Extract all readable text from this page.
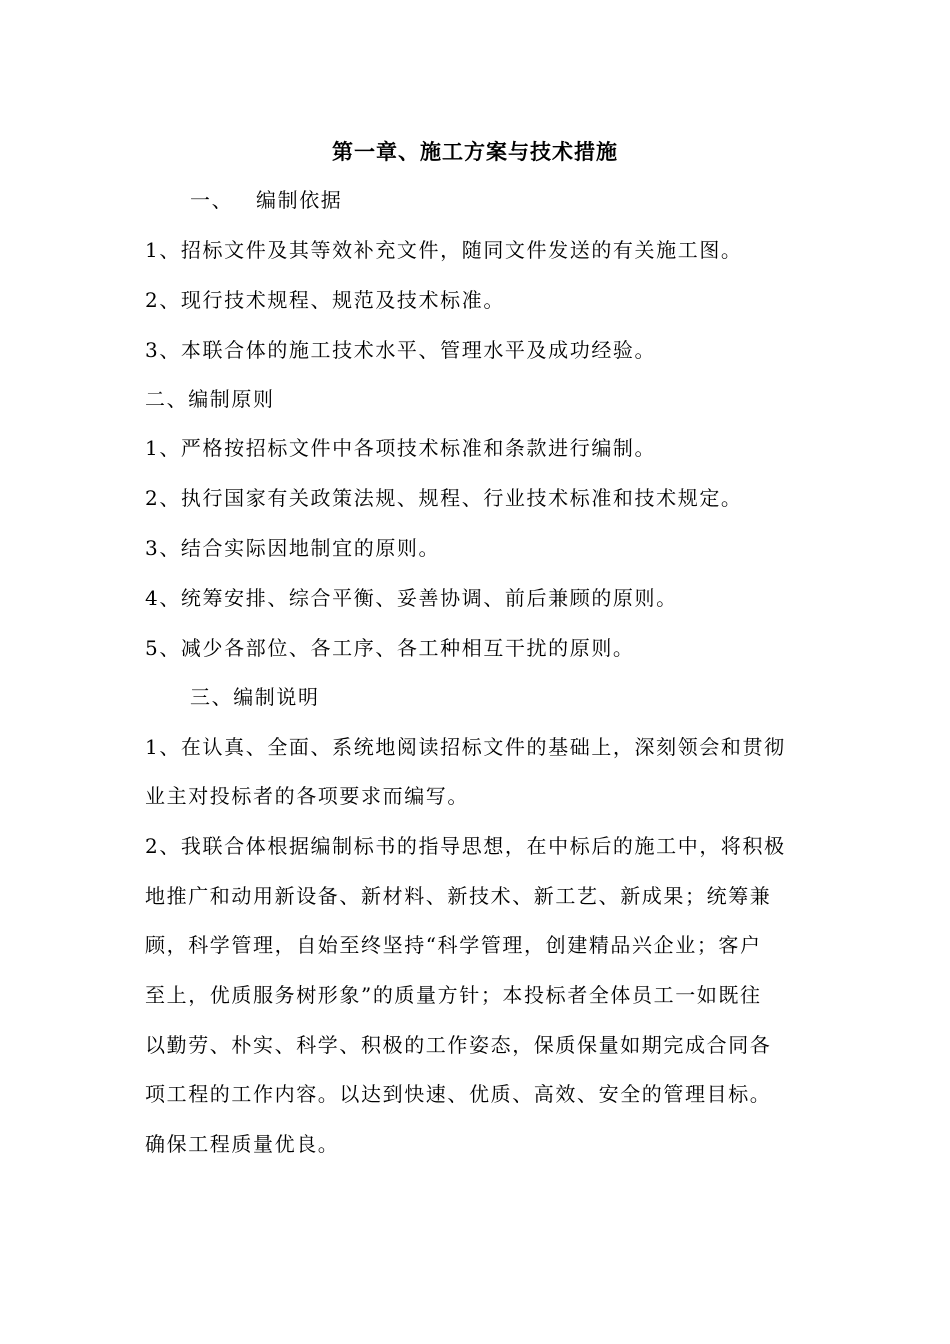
第一章、施工方案与技术措施
一、 编制依据
1、招标文件及其等效补充文件，随同文件发送的有关施工图。
2、现行技术规程、规范及技术标准。
3、本联合体的施工技术水平、管理水平及成功经验。
二、编制原则
1、严格按招标文件中各项技术标准和条款进行编制。
2、执行国家有关政策法规、规程、行业技术标准和技术规定。
3、结合实际因地制宜的原则。
4、统筹安排、综合平衡、妥善协调、前后兼顾的原则。
5、减少各部位、各工序、各工种相互干扰的原则。
三、编制说明
1、在认真、全面、系统地阅读招标文件的基础上，深刻领会和贯彻
业主对投标者的各项要求而编写。
2、我联合体根据编制标书的指导思想，在中标后的施工中，将积极
地推广和动用新设备、新材料、新技术、新工艺、新成果；统筹兼
顾，科学管理，自始至终坚持“科学管理，创建精品兴企业；客户
至上，优质服务树形象”的质量方针；本投标者全体员工一如既往
以勤劳、朴实、科学、积极的工作姿态，保质保量如期完成合同各
项工程的工作内容。以达到快速、优质、高效、安全的管理目标。
确保工程质量优良。
